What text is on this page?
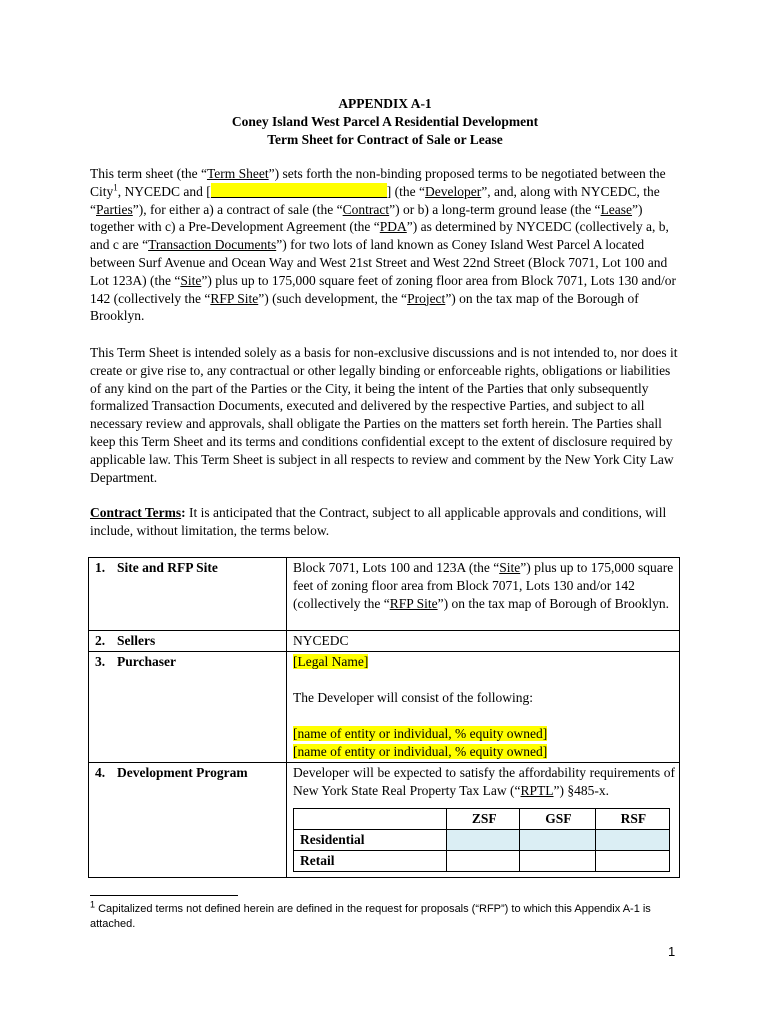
APPENDIX A-1
Coney Island West Parcel A Residential Development
Term Sheet for Contract of Sale or Lease
This term sheet (the “Term Sheet”) sets forth the non-binding proposed terms to be negotiated between the City$^1$, NYCEDC and [	] (the “Developer”, and, along with NYCEDC, the “Parties”), for either a) a contract of sale (the “Contract”) or b) a long-term ground lease (the “Lease”) together with c) a Pre-Development Agreement (the “PDA”) as determined by NYCEDC (collectively a, b, and c are “Transaction Documents”) for two lots of land known as Coney Island West Parcel A located between Surf Avenue and Ocean Way and West 21st Street and West 22nd Street (Block 7071, Lot 100 and Lot 123A) (the “Site”) plus up to 175,000 square feet of zoning floor area from Block 7071, Lots 130 and/or 142 (collectively the “RFP Site”) (such development, the “Project”) on the tax map of the Borough of Brooklyn.
This Term Sheet is intended solely as a basis for non-exclusive discussions and is not intended to, nor does it create or give rise to, any contractual or other legally binding or enforceable rights, obligations or liabilities of any kind on the part of the Parties or the City, it being the intent of the Parties that only subsequently formalized Transaction Documents, executed and delivered by the respective Parties, and subject to all necessary review and approvals, shall obligate the Parties on the matters set forth herein. The Parties shall keep this Term Sheet and its terms and conditions confidential except to the extent of disclosure required by applicable law. This Term Sheet is subject in all respects to review and comment by the New York City Law Department.
Contract Terms: It is anticipated that the Contract, subject to all applicable approvals and conditions, will include, without limitation, the terms below.
1. Site and RFP Site	Block 7071, Lots 100 and 123A (the “Site”) plus up to 175,000 square feet of zoning floor area from Block 7071, Lots 130 and/or 142 (collectively the “RFP Site”) on the tax map of Borough of Brooklyn.
2. Sellers	NYCEDC
3. Purchaser	[Legal Name]
The Developer will consist of the following:
[name of entity or individual, % equity owned]
[name of entity or individual, % equity owned]

4. Development Program	Developer will be expected to satisfy the affordability requirements of New York State Real Property Tax Law (“RPTL”) §485-x.
	ZSF	GSF	RSF
Residential			
Retail			
$^1$ Capitalized terms not defined herein are defined in the request for proposals (“RFP”) to which this Appendix A-1 is attached.
1
